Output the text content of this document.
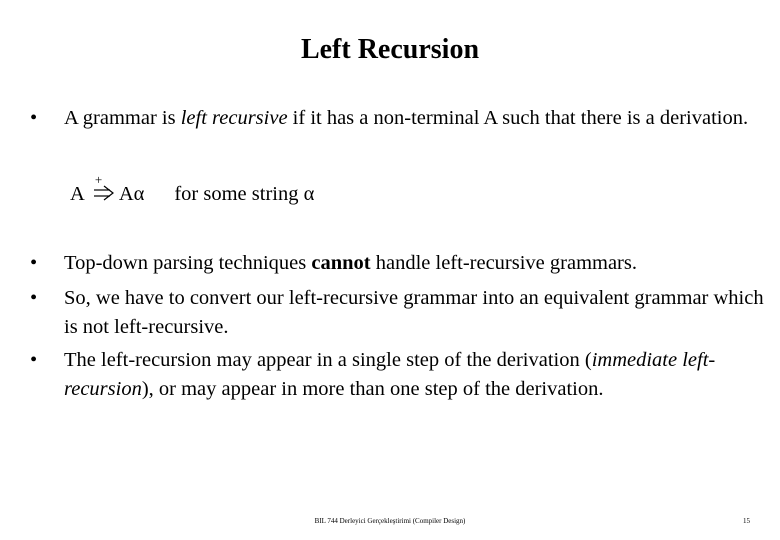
Left Recursion
• A grammar is left recursive if it has a non-terminal A such that there is a derivation.
A
+
Aα for some string α
• Top-down parsing techniques cannot handle left-recursive grammars.
• So, we have to convert our left-recursive grammar into an equivalent grammar which is not left-recursive.
• The left-recursion may appear in a single step of the derivation (immediate left-recursion), or may appear in more than one step of the derivation.
BIL 744 Derleyici Gerçekleştirimi (Compiler Design)	15
